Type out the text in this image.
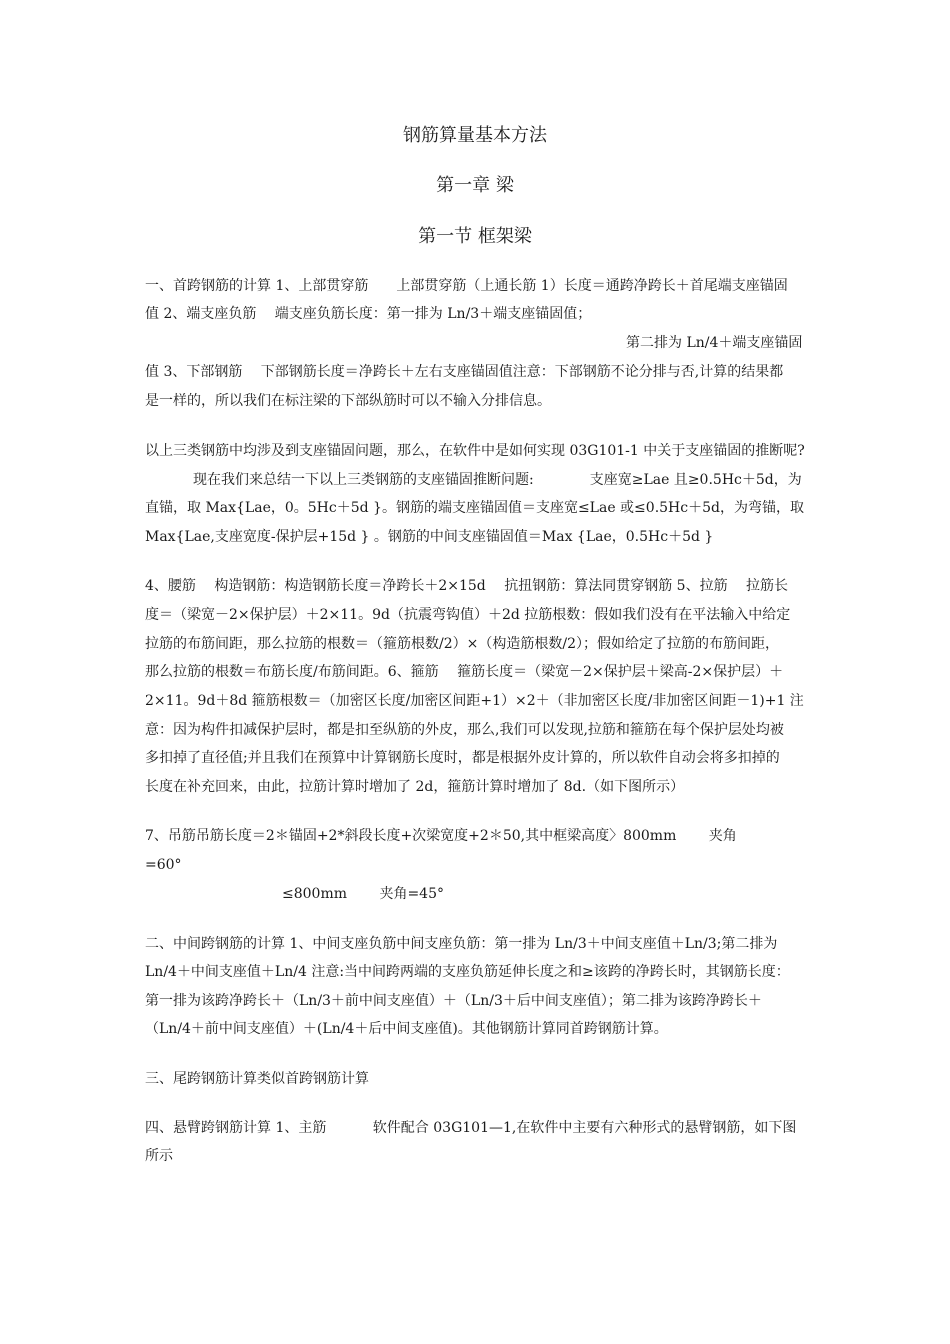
钢筋算量基本方法
第一章 梁
第一节 框架梁
一、首跨钢筋的计算 1、上部贯穿筋　　上部贯穿筋（上通长筋 1）长度＝通跨净跨长＋首尾端支座锚固
值 2、端支座负筋　 端支座负筋长度：第一排为 Ln/3＋端支座锚固值；
第二排为 Ln/4＋端支座锚固
值 3、下部钢筋　 下部钢筋长度＝净跨长＋左右支座锚固值注意：下部钢筋不论分排与否,计算的结果都
是一样的，所以我们在标注梁的下部纵筋时可以不输入分排信息。
以上三类钢筋中均涉及到支座锚固问题，那么，在软件中是如何实现 03G101-1 中关于支座锚固的推断呢?
现在我们来总结一下以上三类钢筋的支座锚固推断问题:　　　　支座宽≥Lae 且≥0.5Hc＋5d，为
直锚，取 Max{Lae，0。5Hc＋5d }。钢筋的端支座锚固值＝支座宽≤Lae 或≤0.5Hc＋5d，为弯锚，取
Max{Lae,支座宽度-保护层+15d } 。钢筋的中间支座锚固值＝Max {Lae，0.5Hc＋5d }
4、腰筋　 构造钢筋：构造钢筋长度＝净跨长＋2×15d　 抗扭钢筋：算法同贯穿钢筋 5、拉筋　 拉筋长
度＝（梁宽－2×保护层）＋2×11。9d（抗震弯钩值）＋2d 拉筋根数：假如我们没有在平法输入中给定
拉筋的布筋间距，那么拉筋的根数＝（箍筋根数/2）×（构造筋根数/2）；假如给定了拉筋的布筋间距，
那么拉筋的根数＝布筋长度/布筋间距。6、箍筋　 箍筋长度＝（梁宽－2×保护层＋梁高-2×保护层）＋
2×11。9d＋8d 箍筋根数＝（加密区长度/加密区间距+1）×2＋（非加密区长度/非加密区间距－1)+1 注
意：因为构件扣减保护层时，都是扣至纵筋的外皮，那么,我们可以发现,拉筋和箍筋在每个保护层处均被
多扣掉了直径值;并且我们在预算中计算钢筋长度时，都是根据外皮计算的，所以软件自动会将多扣掉的
长度在补充回来，由此，拉筋计算时增加了 2d，箍筋计算时增加了 8d.（如下图所示）
7、吊筋吊筋长度＝2＊锚固+2*斜段长度+次梁宽度+2＊50,其中框梁高度〉800mm　　 夹角
=60°
≤800mm　　 夹角=45°
二、中间跨钢筋的计算 1、中间支座负筋中间支座负筋：第一排为 Ln/3＋中间支座值＋Ln/3;第二排为
Ln/4＋中间支座值＋Ln/4 注意:当中间跨两端的支座负筋延伸长度之和≥该跨的净跨长时，其钢筋长度：
第一排为该跨净跨长＋（Ln/3＋前中间支座值）＋（Ln/3＋后中间支座值）；第二排为该跨净跨长＋
（Ln/4＋前中间支座值）＋(Ln/4＋后中间支座值)。其他钢筋计算同首跨钢筋计算。
三、尾跨钢筋计算类似首跨钢筋计算
四、悬臂跨钢筋计算 1、主筋　　　 软件配合 03G101—1,在软件中主要有六种形式的悬臂钢筋，如下图
所示
